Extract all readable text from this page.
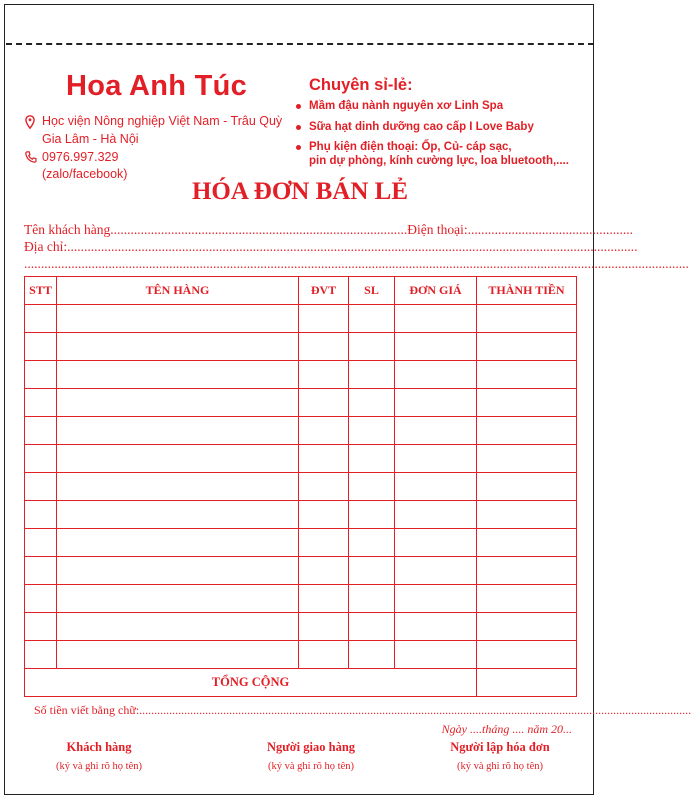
Hoa Anh Túc
Học viện Nông nghiệp Việt Nam - Trâu Quỳ
Gia Lâm - Hà Nội
0976.997.329
(zalo/facebook)
Chuyên sỉ-lẻ:
Mầm đậu nành nguyên xơ Linh Spa
Sữa hạt dinh dưỡng cao cấp I Love Baby
Phụ kiện điện thoại: Ốp, Củ- cáp sạc,
pin dự phòng, kính cường lực, loa bluetooth,....
HÓA ĐƠN BÁN LẺ
Tên khách hàng........................................................................................Điện thoại:.................................................
Địa chỉ:.........................................................................................................................................................................
.....................................................................................................................................................................................................
STT	TÊN HÀNG	ĐVT	SL	ĐƠN GIÁ	THÀNH TIỀN

TỔNG CỘNG					
Số tiền viết bằng chữ:........................................................................................................................................................................................
Ngày ....tháng .... năm 20...
Khách hàng
(ký và ghi rõ họ tên)
Người giao hàng
(ký và ghi rõ họ tên)
Người lập hóa đơn
(ký và ghi rõ họ tên)
